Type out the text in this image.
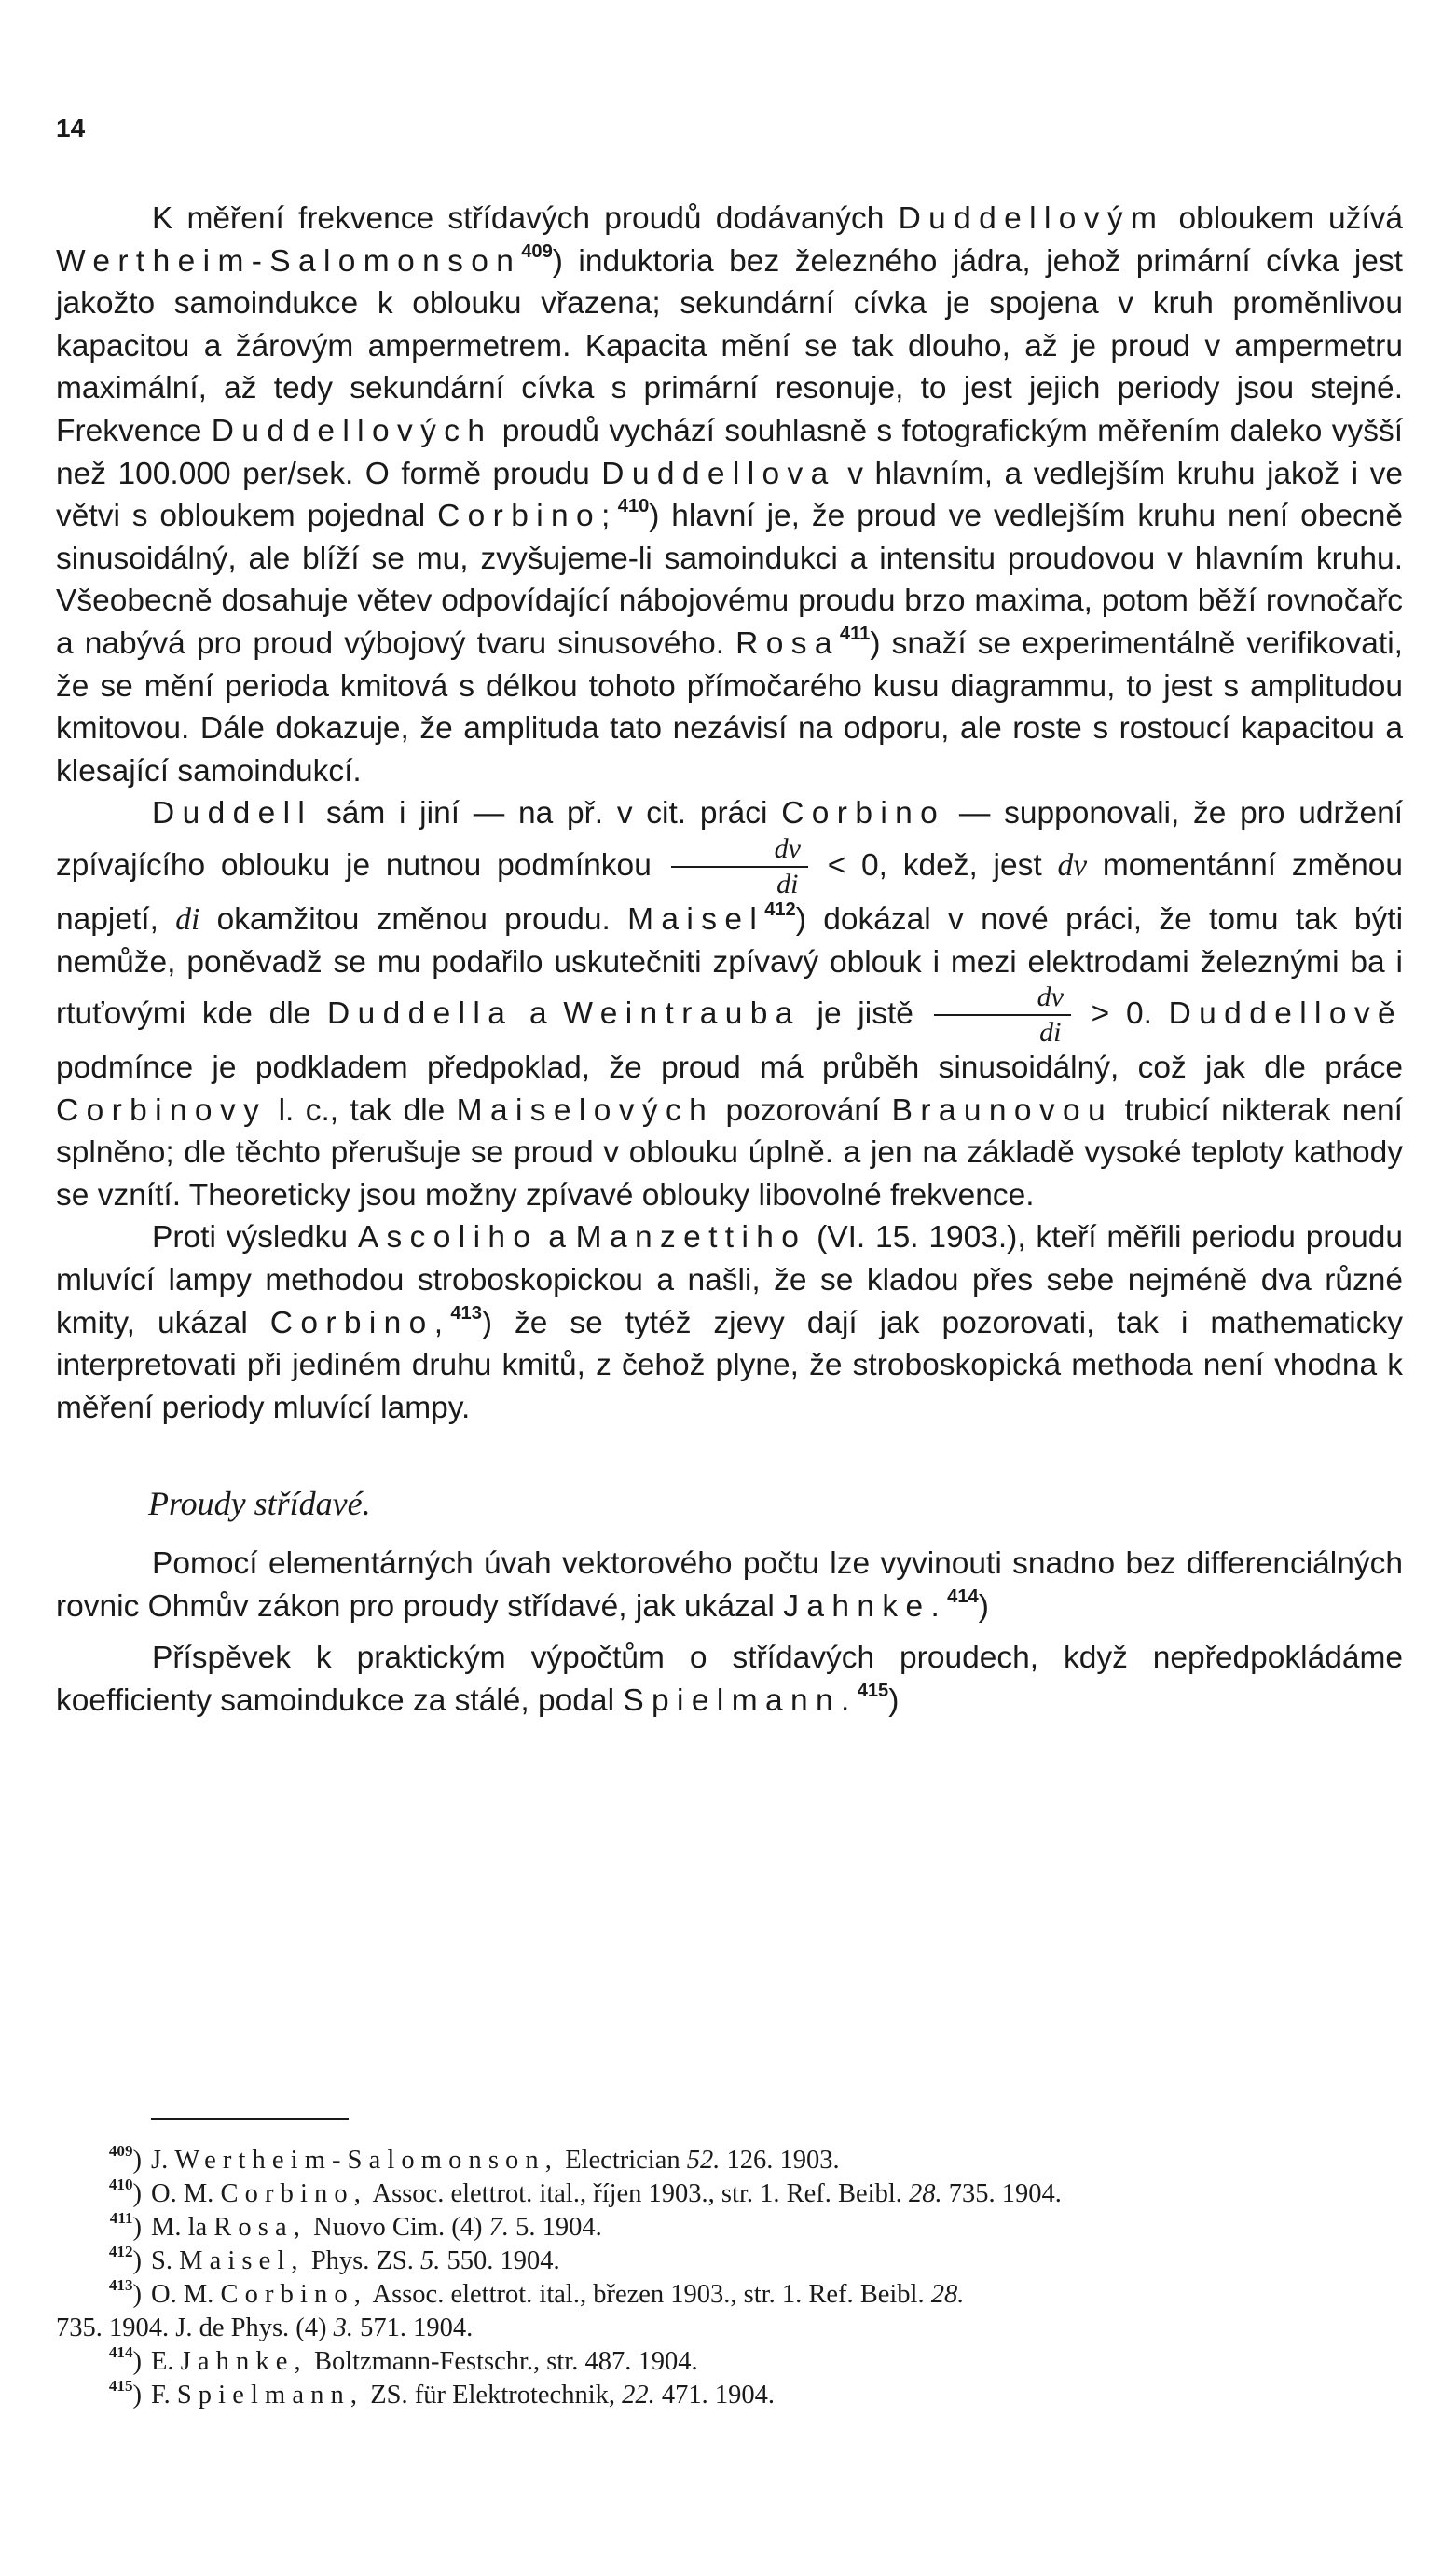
14

K měření frekvence střídavých proudů dodávaných Duddellovým obloukem užívá Wertheim-Salomonson$^{409}$) induktoria bez železného jádra, jehož primární cívka jest jakožto samoindukce k oblouku vřazena; sekundární cívka je spojena v kruh proměnlivou kapacitou a žárovým ampermetrem. Kapacita mění se tak dlouho, až je proud v ampermetru maximální, až tedy sekundární cívka s primární resonuje, to jest jejich periody jsou stejné. Frekvence Duddellových proudů vychází souhlasně s fotografickým měřením daleko vyšší než 100.000 per/sek. O formě proudu Duddellova v hlavním, a vedlejším kruhu jakož i ve větvi s obloukem pojednal Corbino;$^{410}$) hlavní je, že proud ve vedlejším kruhu není obecně sinusoidálný, ale blíží se mu, zvyšujeme-li samoindukci a intensitu proudovou v hlavním kruhu. Všeobecně dosahuje větev odpovídající nábojovému proudu brzo maxima, potom běží rovnočařc a nabývá pro proud výbojový tvaru sinusového. Rosa$^{411}$) snaží se experimentálně verifikovati, že se mění perioda kmitová s délkou tohoto přímočarého kusu diagrammu, to jest s amplitudou kmitovou. Dále dokazuje, že amplituda tato nezávisí na odporu, ale roste s rostoucí kapacitou a klesající samoindukcí.

Duddell sám i jiní — na př. v cit. práci Corbino — supponovali, že pro udržení zpívajícího oblouku je nutnou podmínkou $\frac{dv}{di} < 0$, kdež, jest dv momentánní změnou napjetí, di okamžitou změnou proudu. Maisel$^{412}$) dokázal v nové práci, že tomu tak býti nemůže, poněvadž se mu podařilo uskutečniti zpívavý oblouk i mezi elektrodami železnými ba i rtuťovými kde dle Duddella a Weintrauba je jistě $\frac{dv}{di} > 0$. Duddellově podmínce je podkladem předpoklad, že proud má průběh sinusoidálný, což jak dle práce Corbinovy l. c., tak dle Maiselových pozorování Braunovou trubicí nikterak není splněno; dle těchto přerušuje se proud v oblouku úplně. a jen na základě vysoké teploty kathody se vznítí. Theoreticky jsou možny zpívavé oblouky libovolné frekvence.

Proti výsledku Ascoliho a Manzettiho (VI. 15. 1903.), kteří měřili periodu proudu mluvící lampy methodou stroboskopickou a našli, že se kladou přes sebe nejméně dva různé kmity, ukázal Corbino,$^{413}$) že se tytéž zjevy dají jak pozorovati, tak i mathematicky interpretovati při jediném druhu kmitů, z čehož plyne, že stroboskopická methoda není vhodna k měření periody mluvící lampy.

Proudy střídavé.

Pomocí elementárných úvah vektorového počtu lze vyvinouti snadno bez differenciálných rovnic Ohmův zákon pro proudy střídavé, jak ukázal Jahnke.$^{414}$)

Příspěvek k praktickým výpočtům o střídavých proudech, když nepředpokládáme koefficienty samoindukce za stálé, podal Spielmann.$^{415}$)

$^{409}$) J. Wertheim-Salomonson, Electrician 52. 126. 1903.

$^{410}$) O. M. Corbino, Assoc. elettrot. ital., říjen 1903., str. 1. Ref. Beibl. 28. 735. 1904.

$^{411}$) M. la Rosa, Nuovo Cim. (4) 7. 5. 1904.

$^{412}$) S. Maisel, Phys. ZS. 5. 550. 1904.

$^{413}$) O. M. Corbino, Assoc. elettrot. ital., březen 1903., str. 1. Ref. Beibl. 28.
735. 1904. J. de Phys. (4) 3. 571. 1904.

$^{414}$) E. Jahnke, Boltzmann-Festschr., str. 487. 1904.

$^{415}$) F. Spielmann, ZS. für Elektrotechnik, 22. 471. 1904.
